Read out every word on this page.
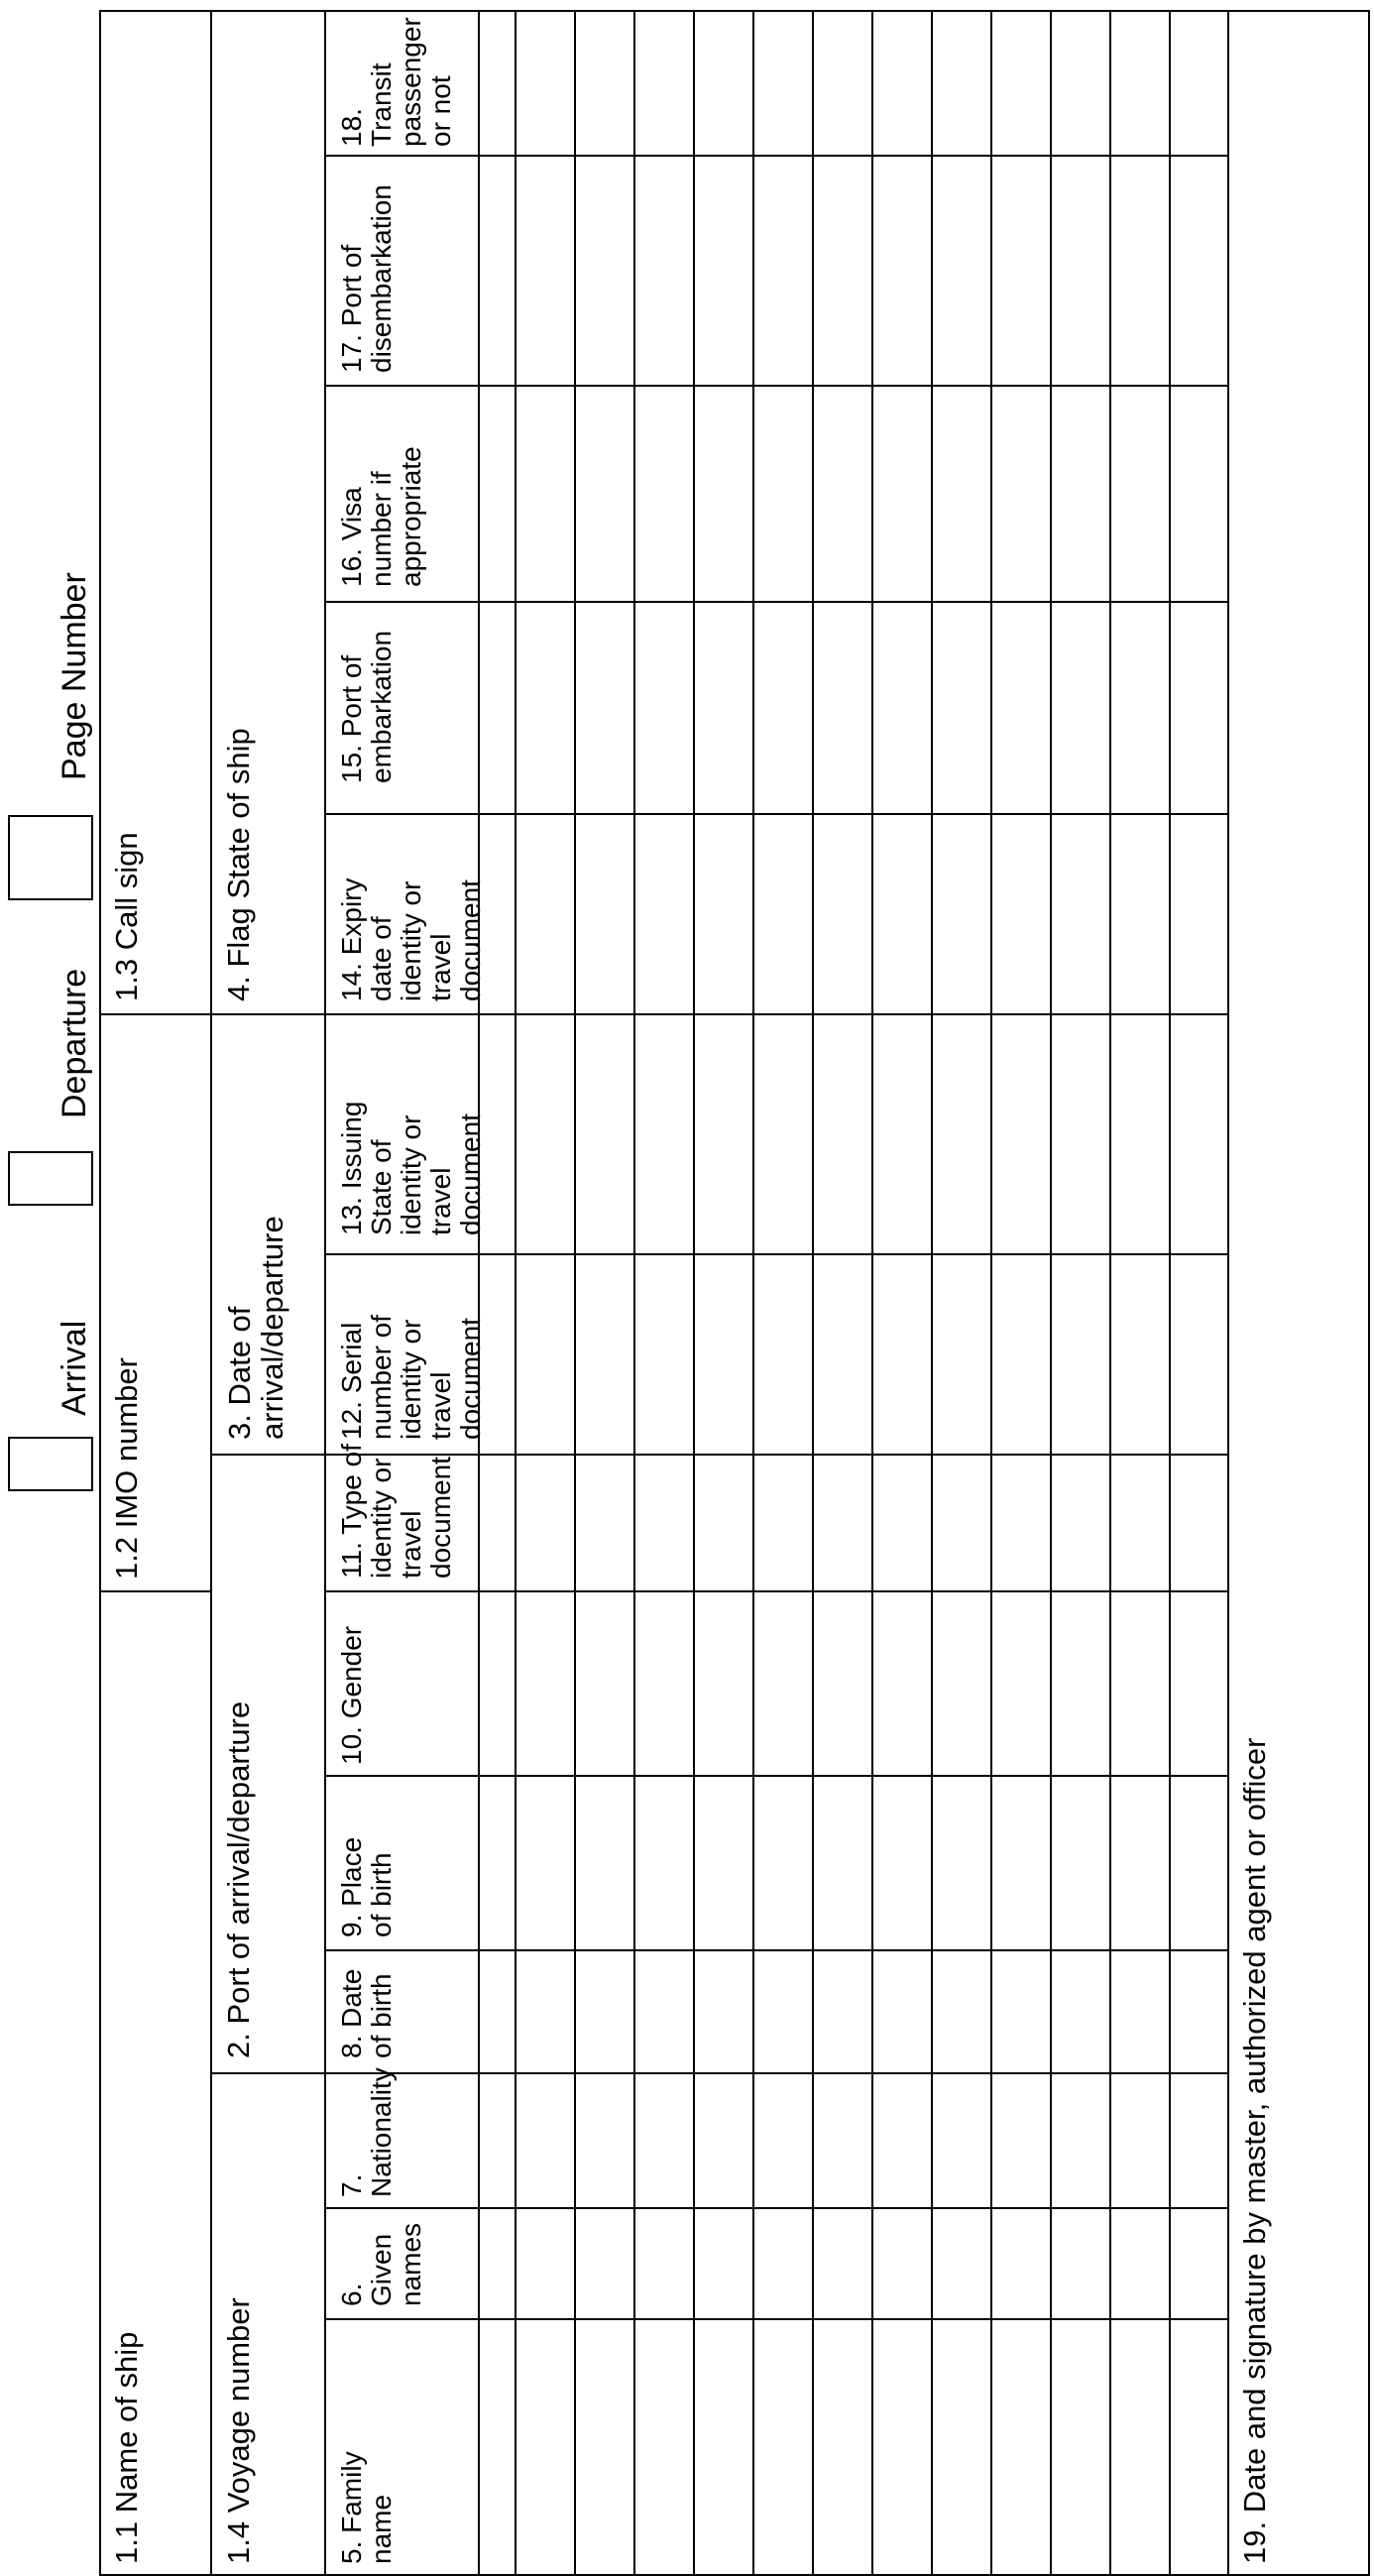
Arrival
Departure
Page Number
1.1 Name of ship
1.2 IMO number
1.3 Call sign
1.4 Voyage number
2. Port of arrival/departure
3. Date of arrival/departure
4. Flag State of ship
5. Family name
6. Given names
7. Nationality
8. Date of birth
9. Place of birth
10. Gender
11. Type of identity or travel document
12. Serial number of identity or travel document
13. Issuing State of identity or travel document
14. Expiry date of identity or travel document
15. Port of embarkation
16. Visa number if appropriate
17. Port of disembarkation
18. Transit passenger or not
19. Date and signature by master, authorized agent or officer
